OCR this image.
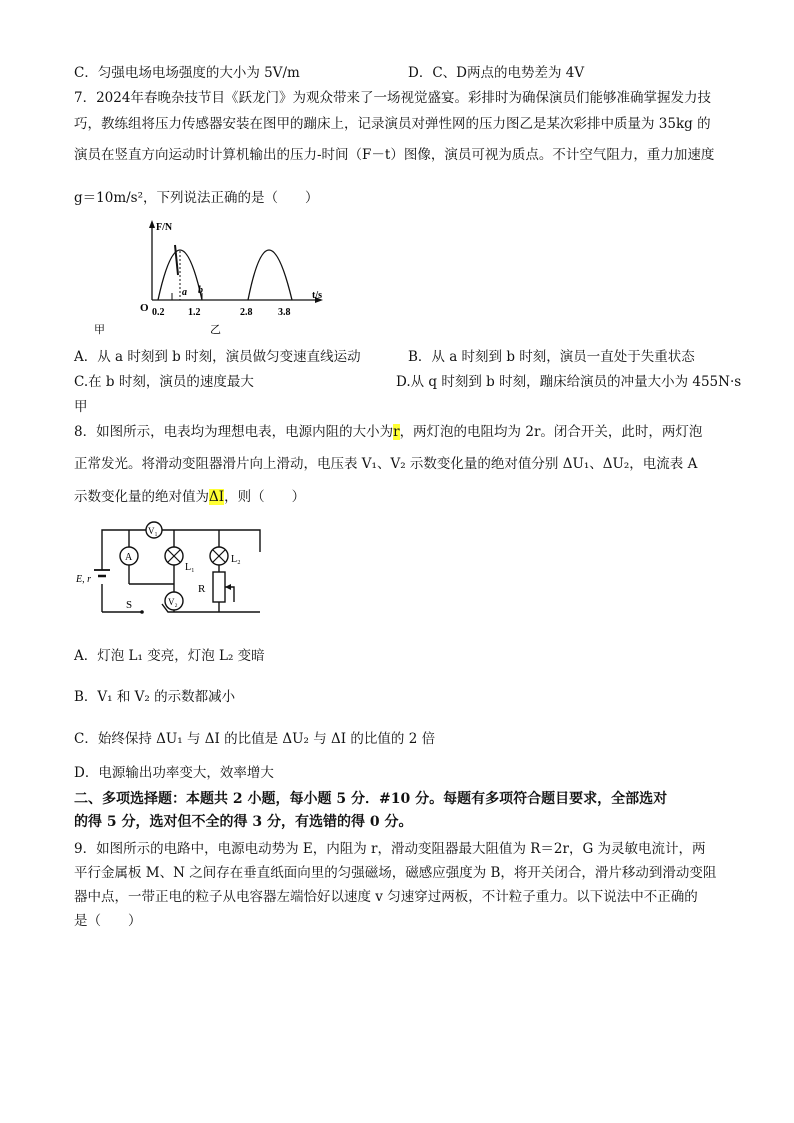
C．匀强电场电场强度的大小为 5V/m	D．C、D两点的电势差为 4V
7．2024年春晚杂技节目《跃龙门》为观众带来了一场视觉盛宴。彩排时为确保演员们能够准确掌握发力技
巧，教练组将压力传感器安装在图甲的蹦床上，记录演员对弹性网的压力图乙是某次彩排中质量为 35kg 的
演员在竖直方向运动时计算机输出的压力-时间（F－t）图像，演员可视为质点。不计空气阻力，重力加速度
g＝10m/s²，下列说法正确的是（　　）
F/N
t/s
O
a b
0.2 1.2	2.8	3.8
甲	乙
A．从 a 时刻到 b 时刻，演员做匀变速直线运动	B．从 a 时刻到 b 时刻，演员一直处于失重状态
C.在 b 时刻，演员的速度最大	D.从 q 时刻到 b 时刻，蹦床给演员的冲量大小为 455N·s
甲
8．如图所示，电表均为理想电表，电源内阻的大小为r，两灯泡的电阻均为 2r。闭合开关，此时，两灯泡
正常发光。将滑动变阻器滑片向上滑动，电压表 V₁、V₂ 示数变化量的绝对值分别 ΔU₁、ΔU₂，电流表 A
示数变化量的绝对值为ΔI，则（　　）
V₁
A
L₁
L₂
V₂
R
S
E, r
A．灯泡 L₁ 变亮，灯泡 L₂ 变暗
B．V₁ 和 V₂ 的示数都减小
C．始终保持 ΔU₁ 与 ΔI 的比值是 ΔU₂ 与 ΔI 的比值的 2 倍
D．电源输出功率变大，效率增大
二、多项选择题：本题共 2 小题，每小题 5 分．#10 分。每题有多项符合题目要求，全部选对
的得 5 分，选对但不全的得 3 分，有选错的得 0 分。
9．如图所示的电路中，电源电动势为 E，内阻为 r，滑动变阻器最大阻值为 R＝2r，G 为灵敏电流计，两
平行金属板 M、N 之间存在垂直纸面向里的匀强磁场，磁感应强度为 B，将开关闭合，滑片移动到滑动变阻
器中点，一带正电的粒子从电容器左端恰好以速度 v 匀速穿过两板，不计粒子重力。以下说法中不正确的
是（　　）
